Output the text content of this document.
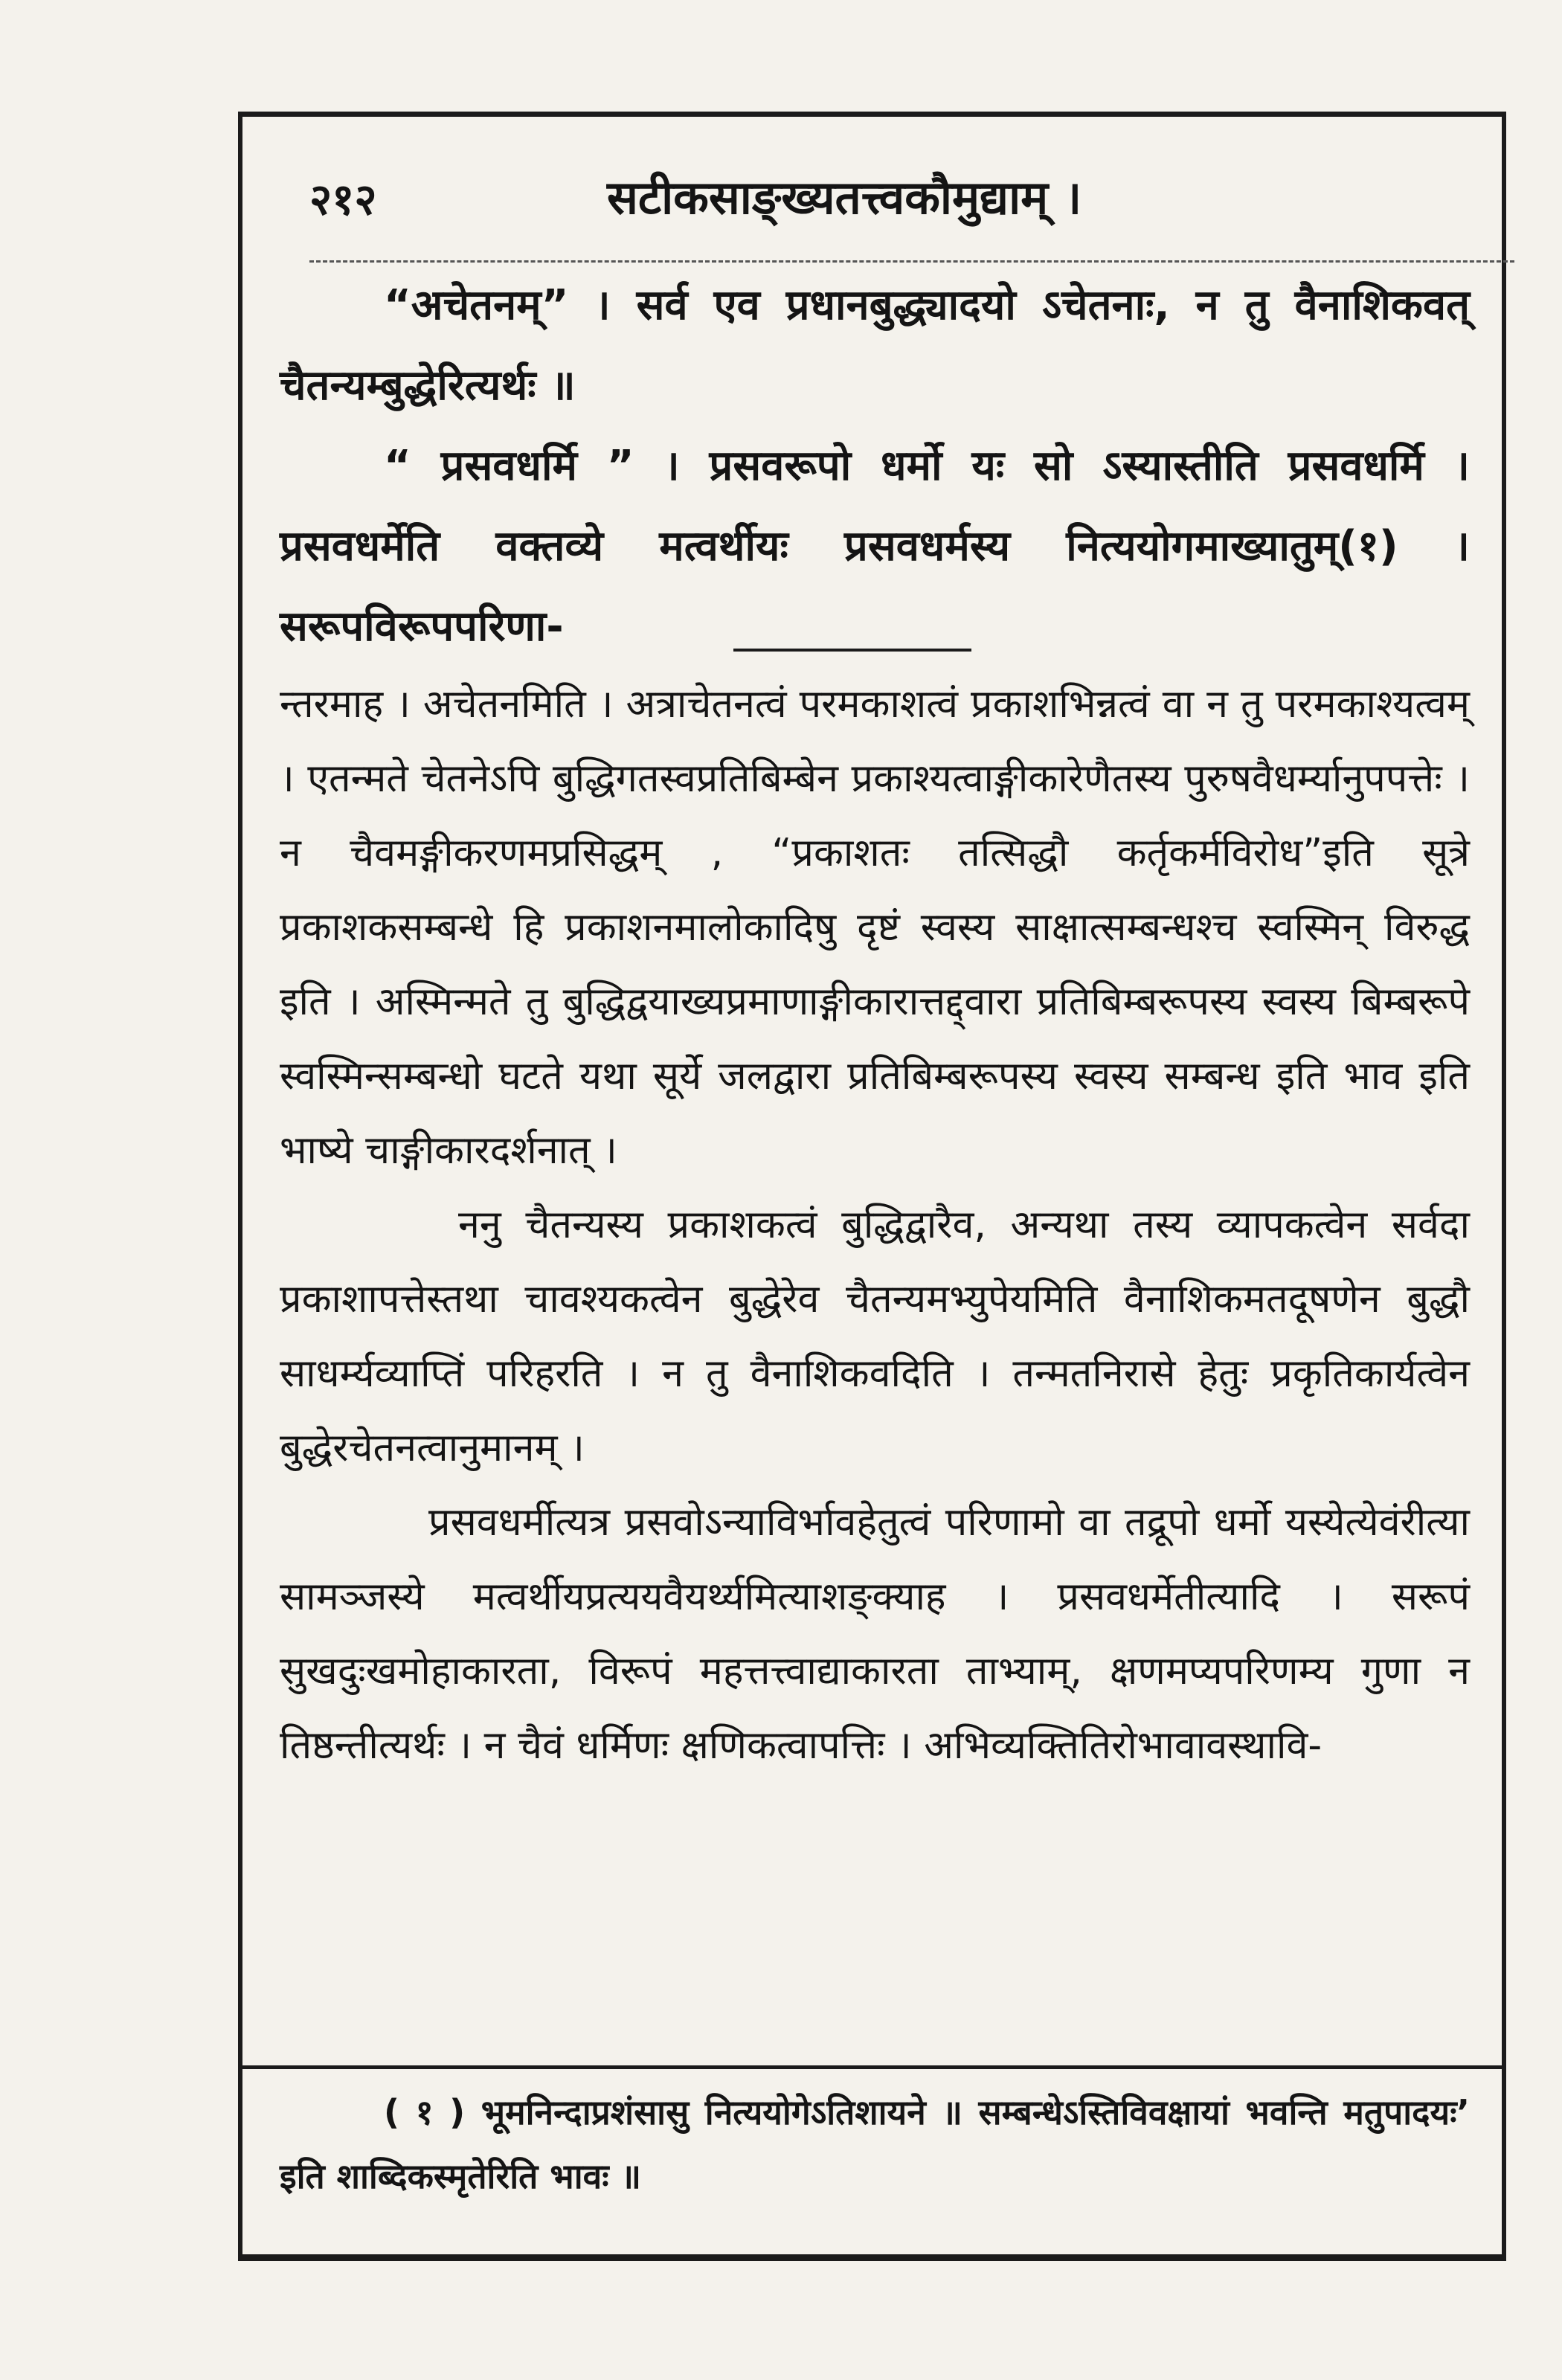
२१२	सटीकसाङ्ख्यतत्त्वकौमुद्याम् ।

“अचेतनम्” । सर्व एव प्रधानबुद्ध्यादयो ऽचेतनाः, न तु वैनाशिकवत् चैतन्यम्बुद्धेरित्यर्थः ॥

“ प्रसवधर्मि ” । प्रसवरूपो धर्मो यः सो ऽस्यास्तीति प्रसवधर्मि । प्रसवधर्मेति वक्तव्ये मत्वर्थीयः प्रसवधर्मस्य नित्ययोगमाख्यातुम्(१) । सरूपविरूपपरिणा-

न्तरमाह । अचेतनमिति । अत्राचेतनत्वं परमकाशत्वं प्रकाशभिन्नत्वं वा न तु परमकाश्यत्वम् । एतन्मते चेतनेऽपि बुद्धिगतस्वप्रतिबिम्बेन प्रकाश्यत्वाङ्गीकारेणैतस्य पुरुषवैधर्म्यानुपपत्तेः । न चैवमङ्गीकरणमप्रसिद्धम् , “प्रकाशतः तत्सिद्धौ कर्तृकर्मविरोध”इति सूत्रे प्रकाशकसम्बन्धे हि प्रकाशनमालोकादिषु दृष्टं स्वस्य साक्षात्सम्बन्धश्च स्वस्मिन् विरुद्ध इति । अस्मिन्मते तु बुद्धिद्वयाख्यप्रमाणाङ्गीकारात्तद्द्वारा प्रतिबिम्बरूपस्य स्वस्य बिम्बरूपे स्वस्मिन्सम्बन्धो घटते यथा सूर्ये जलद्वारा प्रतिबिम्बरूपस्य स्वस्य सम्बन्ध इति भाव इति भाष्ये चाङ्गीकारदर्शनात् ।

ननु चैतन्यस्य प्रकाशकत्वं बुद्धिद्वारैव, अन्यथा तस्य व्यापकत्वेन सर्वदा प्रकाशापत्तेस्तथा चावश्यकत्वेन बुद्धेरेव चैतन्यमभ्युपेयमिति वैनाशिकमतदूषणेन बुद्धौ साधर्म्यव्याप्तिं परिहरति । न तु वैनाशिकवदिति । तन्मतनिरासे हेतुः प्रकृतिकार्यत्वेन बुद्धेरचेतनत्वानुमानम् ।

प्रसवधर्मीत्यत्र प्रसवोऽन्याविर्भावहेतुत्वं परिणामो वा तद्रूपो धर्मो यस्येत्येवंरीत्या सामञ्जस्ये मत्वर्थीयप्रत्ययवैयर्थ्यमित्याशङ्क्याह । प्रसवधर्मेतीत्यादि । सरूपं सुखदुःखमोहाकारता, विरूपं महत्तत्त्वाद्याकारता ताभ्याम्, क्षणमप्यपरिणम्य गुणा न तिष्ठन्तीत्यर्थः । न चैवं धर्मिणः क्षणिकत्वापत्तिः । अभिव्यक्तितिरोभावावस्थावि-

( १ ) भूमनिन्दाप्रशंसासु नित्ययोगेऽतिशायने ॥ सम्बन्धेऽस्तिविवक्षायां भवन्ति मतुपादयः’ इति शाब्दिकस्मृतेरिति भावः ॥
